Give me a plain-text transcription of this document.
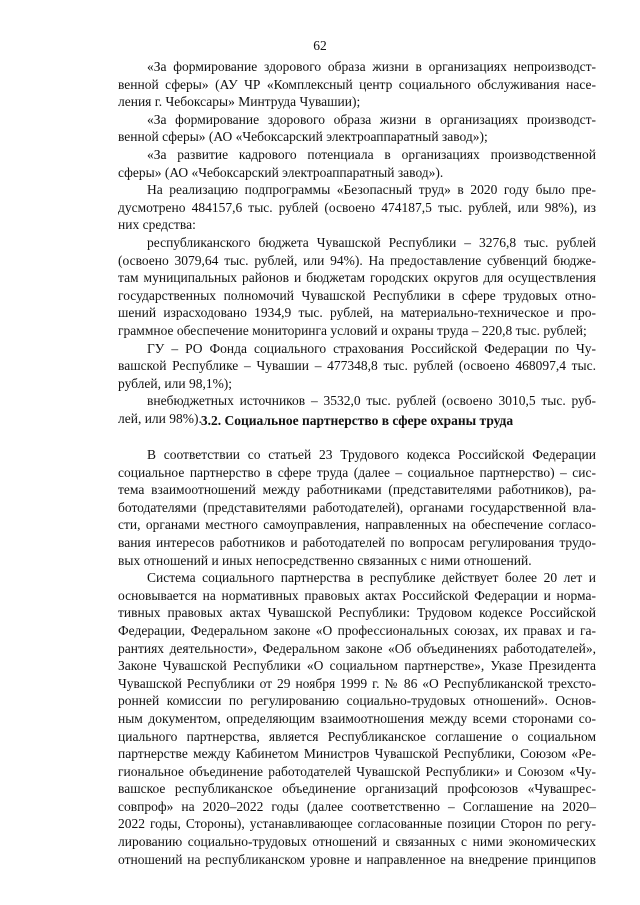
62
«За формирование здорового образа жизни в организациях непроизводст-
венной сферы» (АУ ЧР «Комплексный центр социального обслуживания насе-
ления г. Чебоксары» Минтруда Чувашии);
«За формирование здорового образа жизни в организациях производст-
венной сферы» (АО «Чебоксарский электроаппаратный завод»);
«За развитие кадрового потенциала в организациях производственной
сферы» (АО «Чебоксарский электроаппаратный завод»).
На реализацию подпрограммы «Безопасный труд» в 2020 году было пре-
дусмотрено 484157,6 тыс. рублей (освоено 474187,5 тыс. рублей, или 98%), из
них средства:
республиканского бюджета Чувашской Республики – 3276,8 тыс. рублей
(освоено 3079,64 тыс. рублей, или 94%). На предоставление субвенций бюдже-
там муниципальных районов и бюджетам городских округов для осуществления
государственных полномочий Чувашской Республики в сфере трудовых отно-
шений израсходовано 1934,9 тыс. рублей, на материально-техническое и про-
граммное обеспечение мониторинга условий и охраны труда – 220,8 тыс. рублей;
ГУ – РО Фонда социального страхования Российской Федерации по Чу-
вашской Республике – Чувашии – 477348,8 тыс. рублей (освоено 468097,4 тыс.
рублей, или 98,1%);
внебюджетных источников – 3532,0 тыс. рублей (освоено 3010,5 тыс. руб-
лей, или 98%).
3.2. Социальное партнерство в сфере охраны труда
В соответствии со статьей 23 Трудового кодекса Российской Федерации
социальное партнерство в сфере труда (далее – социальное партнерство) – сис-
тема взаимоотношений между работниками (представителями работников), ра-
ботодателями (представителями работодателей), органами государственной вла-
сти, органами местного самоуправления, направленных на обеспечение согласо-
вания интересов работников и работодателей по вопросам регулирования трудо-
вых отношений и иных непосредственно связанных с ними отношений.
Система социального партнерства в республике действует более 20 лет и
основывается на нормативных правовых актах Российской Федерации и норма-
тивных правовых актах Чувашской Республики: Трудовом кодексе Российской
Федерации, Федеральном законе «О профессиональных союзах, их правах и га-
рантиях деятельности», Федеральном законе «Об объединениях работодателей»,
Законе Чувашской Республики «О социальном партнерстве», Указе Президента
Чувашской Республики от 29 ноября 1999 г. № 86 «О Республиканской трехсто-
ронней комиссии по регулированию социально-трудовых отношений». Основ-
ным документом, определяющим взаимоотношения между всеми сторонами со-
циального партнерства, является Республиканское соглашение о социальном
партнерстве между Кабинетом Министров Чувашской Республики, Союзом «Ре-
гиональное объединение работодателей Чувашской Республики» и Союзом «Чу-
вашское республиканское объединение организаций профсоюзов «Чувашрес-
совпроф» на 2020–2022 годы (далее соответственно – Соглашение на 2020–
2022 годы, Стороны), устанавливающее согласованные позиции Сторон по регу-
лированию социально-трудовых отношений и связанных с ними экономических
отношений на республиканском уровне и направленное на внедрение принципов
